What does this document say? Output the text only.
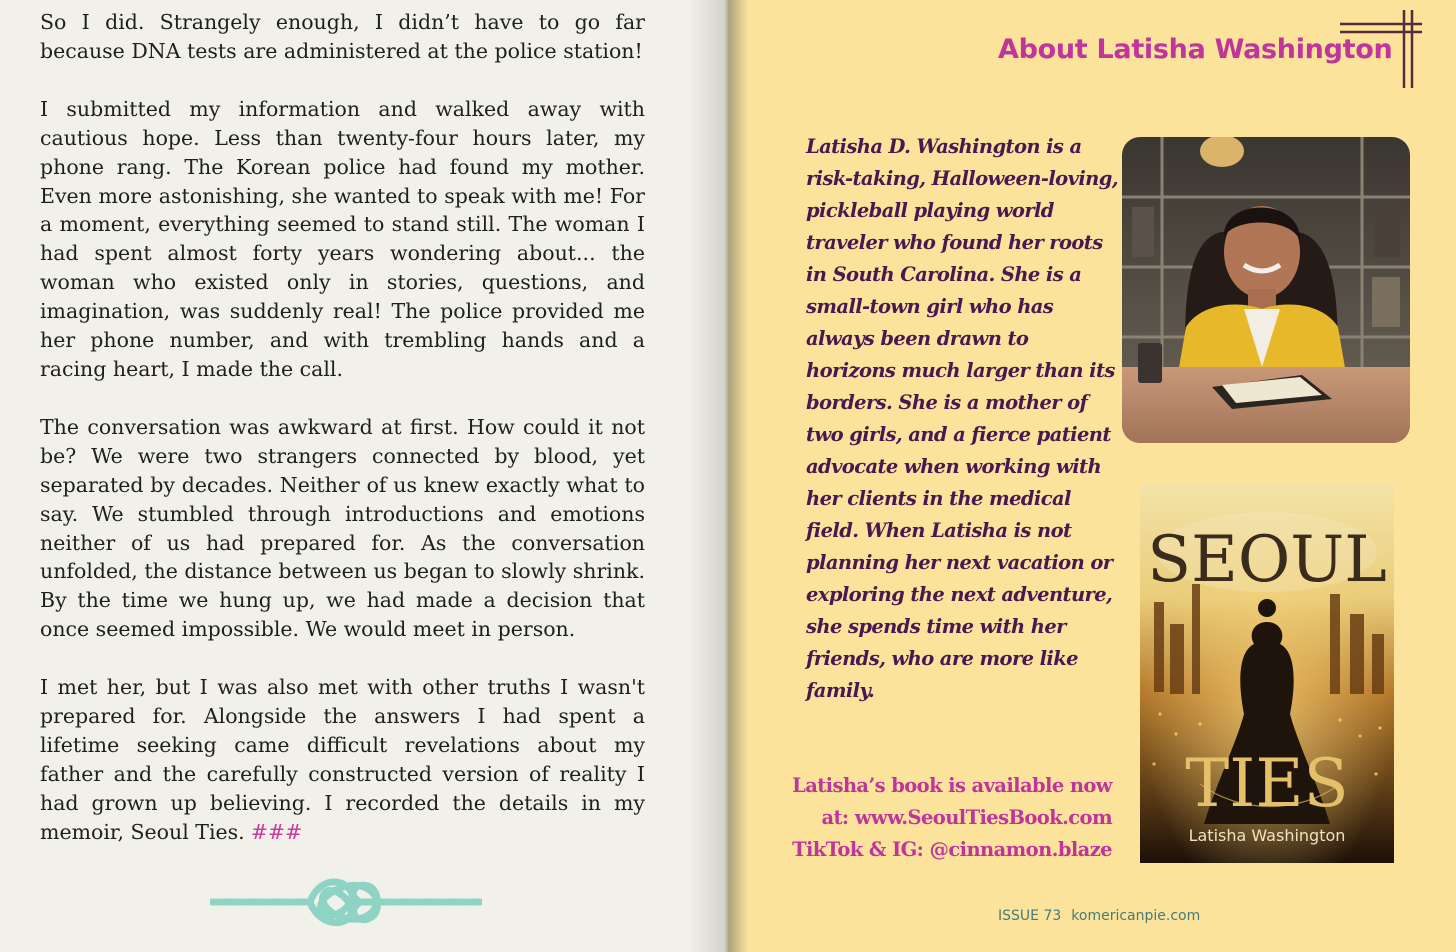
So I did. Strangely enough, I didn’t have to go far because DNA tests are administered at the police station!

I submitted my information and walked away with cautious hope. Less than twenty-four hours later, my phone rang. The Korean police had found my mother. Even more astonishing, she wanted to speak with me! For a moment, everything seemed to stand still. The woman I had spent almost forty years wondering about... the woman who existed only in stories, questions, and imagination, was suddenly real! The police provided me her phone number, and with trembling hands and a racing heart, I made the call.

The conversation was awkward at first. How could it not be? We were two strangers connected by blood, yet separated by decades. Neither of us knew exactly what to say. We stumbled through introductions and emotions neither of us had prepared for. As the conversation unfolded, the distance between us began to slowly shrink. By the time we hung up, we had made a decision that once seemed impossible. We would meet in person.

I met her, but I was also met with other truths I wasn't prepared for. Alongside the answers I had spent a lifetime seeking came difficult revelations about my father and the carefully constructed version of reality I had grown up believing. I recorded the details in my memoir, Seoul Ties. ###

About Latisha Washington
Latisha D. Washington is a risk-taking, Halloween-loving, pickleball playing world traveler who found her roots in South Carolina. She is a small-town girl who has always been drawn to horizons much larger than its borders. She is a mother of two girls, and a fierce patient advocate when working with her clients in the medical field. When Latisha is not planning her next vacation or exploring the next adventure, she spends time with her friends, who are more like family.
SEOUL
TIES
Latisha Washington
Latisha’s book is available now
at: www.SeoulTiesBook.com
TikTok & IG: @cinnamon.blaze
ISSUE 73 komericanpie.com
